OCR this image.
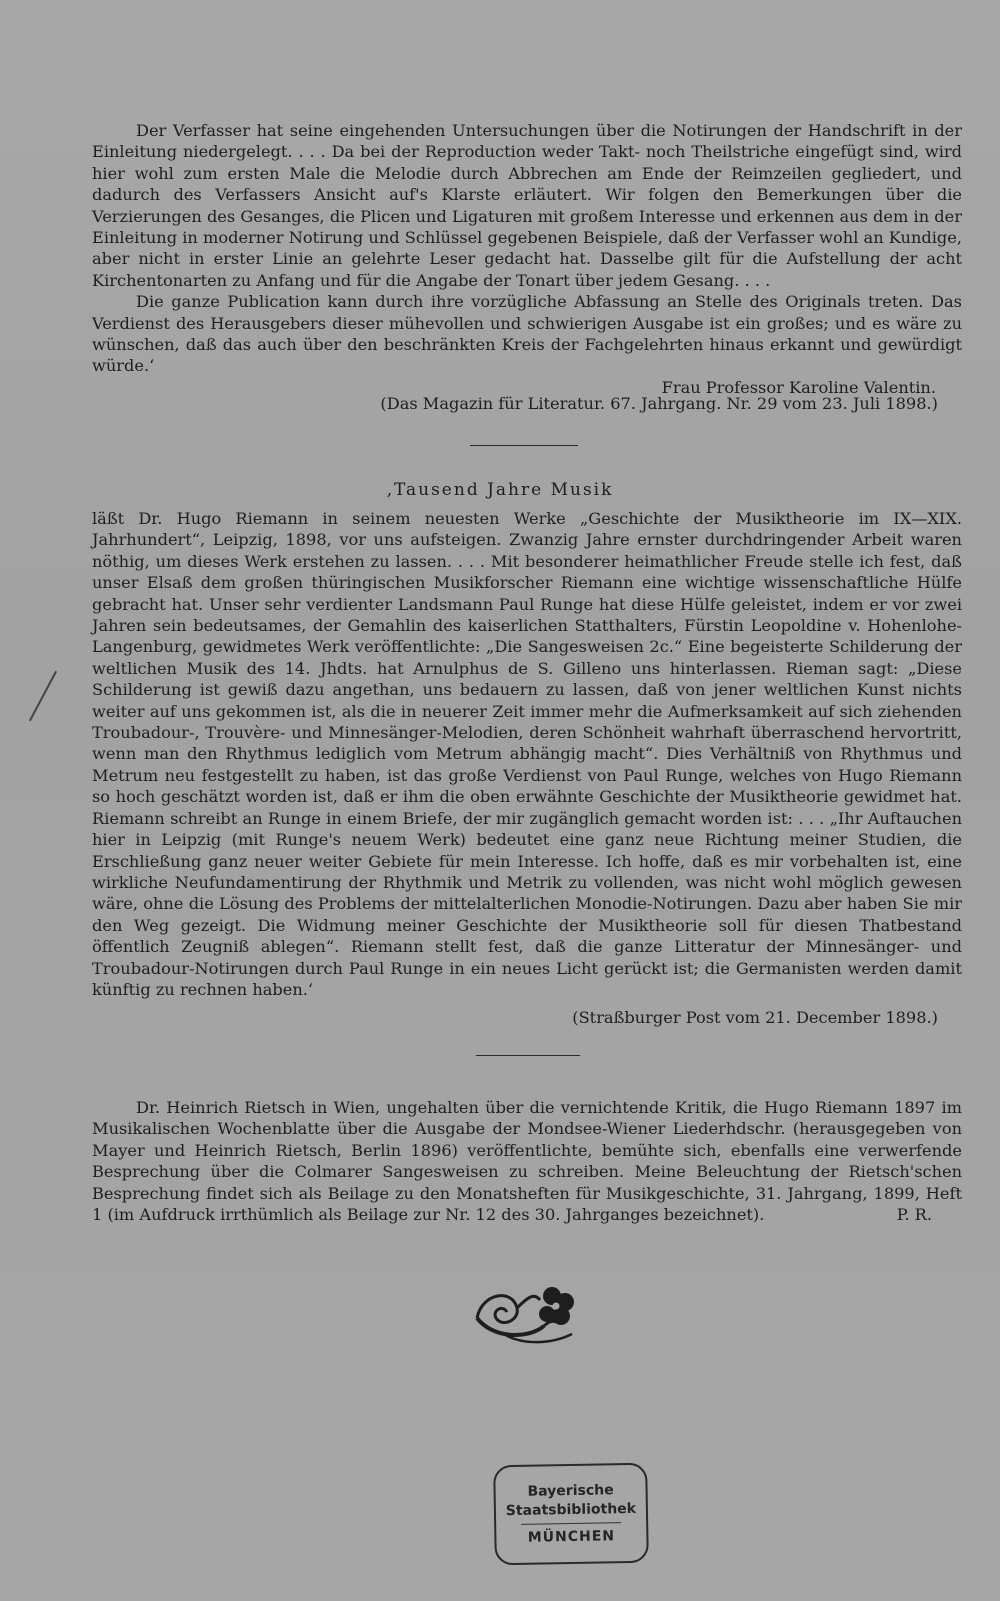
Der Verfasser hat seine eingehenden Untersuchungen über die Notirungen der Handschrift in der Einleitung niedergelegt. . . . Da bei der Reproduction weder Takt- noch Theilstriche eingefügt sind, wird hier wohl zum ersten Male die Melodie durch Abbrechen am Ende der Reimzeilen gegliedert, und dadurch des Verfassers Ansicht auf's Klarste erläutert. Wir folgen den Bemerkungen über die Verzierungen des Gesanges, die Plicen und Ligaturen mit großem Interesse und erkennen aus dem in der Einleitung in moderner Notirung und Schlüssel gegebenen Beispiele, daß der Verfasser wohl an Kundige, aber nicht in erster Linie an gelehrte Leser gedacht hat. Dasselbe gilt für die Aufstellung der acht Kirchentonarten zu Anfang und für die Angabe der Tonart über jedem Gesang. . . .

Die ganze Publication kann durch ihre vorzügliche Abfassung an Stelle des Originals treten. Das Verdienst des Herausgebers dieser mühevollen und schwierigen Ausgabe ist ein großes; und es wäre zu wünschen, daß das auch über den beschränkten Kreis der Fachgelehrten hinaus erkannt und gewürdigt würde.‘

Frau Professor Karoline Valentin.
(Das Magazin für Literatur. 67. Jahrgang. Nr. 29 vom 23. Juli 1898.)
‚Tausend Jahre Musik

läßt Dr. Hugo Riemann in seinem neuesten Werke „Geschichte der Musiktheorie im IX—XIX. Jahrhundert“, Leipzig, 1898, vor uns aufsteigen. Zwanzig Jahre ernster durchdringender Arbeit waren nöthig, um dieses Werk erstehen zu lassen. . . . Mit besonderer heimathlicher Freude stelle ich fest, daß unser Elsaß dem großen thüringischen Musikforscher Riemann eine wichtige wissenschaftliche Hülfe gebracht hat. Unser sehr verdienter Landsmann Paul Runge hat diese Hülfe geleistet, indem er vor zwei Jahren sein bedeutsames, der Gemahlin des kaiserlichen Statthalters, Fürstin Leopoldine v. Hohenlohe-Langenburg, gewidmetes Werk veröffentlichte: „Die Sangesweisen 2c.“ Eine begeisterte Schilderung der weltlichen Musik des 14. Jhdts. hat Arnulphus de S. Gilleno uns hinterlassen. Rieman sagt: „Diese Schilderung ist gewiß dazu angethan, uns bedauern zu lassen, daß von jener weltlichen Kunst nichts weiter auf uns gekommen ist, als die in neuerer Zeit immer mehr die Aufmerksamkeit auf sich ziehenden Troubadour-, Trouvère- und Minnesänger-Melodien, deren Schönheit wahrhaft überraschend hervortritt, wenn man den Rhythmus lediglich vom Metrum abhängig macht“. Dies Verhältniß von Rhythmus und Metrum neu festgestellt zu haben, ist das große Verdienst von Paul Runge, welches von Hugo Riemann so hoch geschätzt worden ist, daß er ihm die oben erwähnte Geschichte der Musiktheorie gewidmet hat. Riemann schreibt an Runge in einem Briefe, der mir zugänglich gemacht worden ist: . . . „Ihr Auftauchen hier in Leipzig (mit Runge's neuem Werk) bedeutet eine ganz neue Richtung meiner Studien, die Erschließung ganz neuer weiter Gebiete für mein Interesse. Ich hoffe, daß es mir vorbehalten ist, eine wirkliche Neufundamentirung der Rhythmik und Metrik zu vollenden, was nicht wohl möglich gewesen wäre, ohne die Lösung des Problems der mittelalterlichen Monodie-Notirungen. Dazu aber haben Sie mir den Weg gezeigt. Die Widmung meiner Geschichte der Musiktheorie soll für diesen Thatbestand öffentlich Zeugniß ablegen“. Riemann stellt fest, daß die ganze Litteratur der Minnesänger- und Troubadour-Notirungen durch Paul Runge in ein neues Licht gerückt ist; die Germanisten werden damit künftig zu rechnen haben.‘

(Straßburger Post vom 21. December 1898.)

Dr. Heinrich Rietsch in Wien, ungehalten über die vernichtende Kritik, die Hugo Riemann 1897 im Musikalischen Wochenblatte über die Ausgabe der Mondsee-Wiener Liederhdschr. (herausgegeben von Mayer und Heinrich Rietsch, Berlin 1896) veröffentlichte, bemühte sich, ebenfalls eine verwerfende Besprechung über die Colmarer Sangesweisen zu schreiben. Meine Beleuchtung der Rietsch'schen Besprechung findet sich als Beilage zu den Monatsheften für Musikgeschichte, 31. Jahrgang, 1899, Heft 1 (im Aufdruck irrthümlich als Beilage zur Nr. 12 des 30. Jahrganges bezeichnet).	P. R.
Bayerische
Staatsbibliothek
MÜNCHEN
